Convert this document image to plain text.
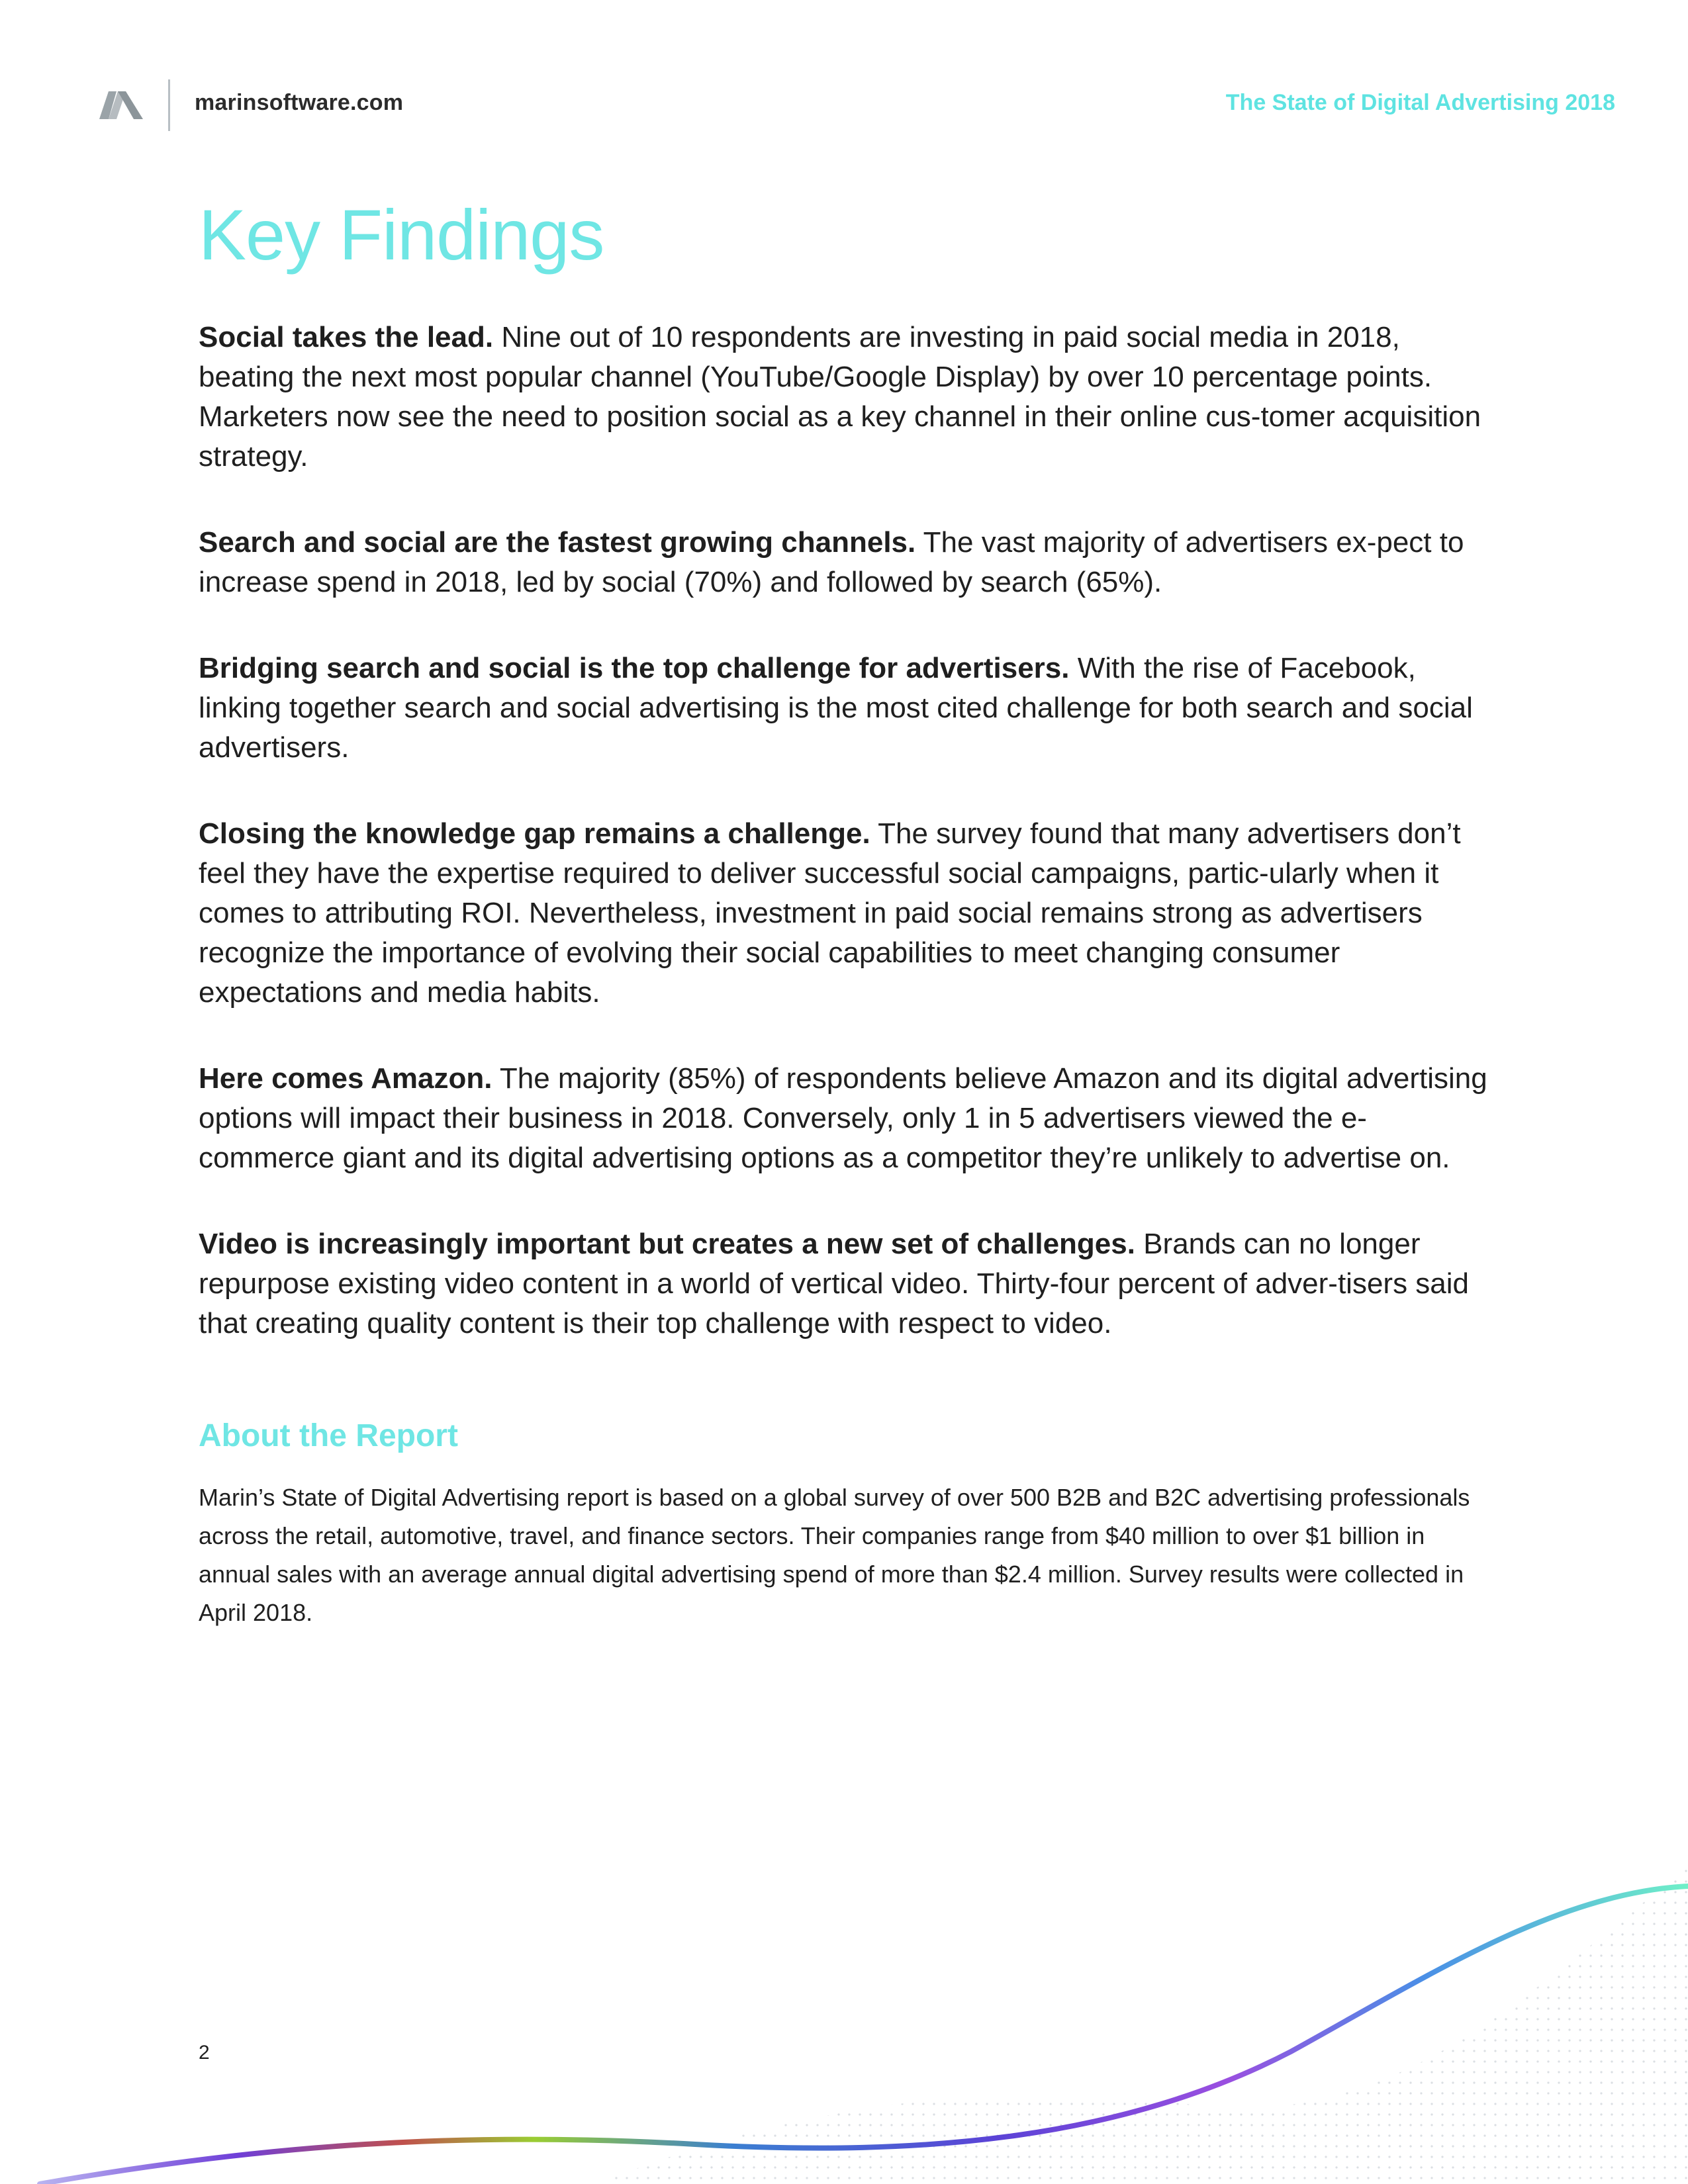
marinsoftware.com	The State of Digital Advertising 2018
Key Findings

Social takes the lead. Nine out of 10 respondents are investing in paid social media in 2018, beating the next most popular channel (YouTube/Google Display) by over 10 percentage points. Marketers now see the need to position social as a key channel in their online cus-tomer acquisition strategy.

Search and social are the fastest growing channels. The vast majority of advertisers ex-pect to increase spend in 2018, led by social (70%) and followed by search (65%).

Bridging search and social is the top challenge for advertisers. With the rise of Facebook, linking together search and social advertising is the most cited challenge for both search and social advertisers.

Closing the knowledge gap remains a challenge. The survey found that many advertisers don’t feel they have the expertise required to deliver successful social campaigns, partic-ularly when it comes to attributing ROI. Nevertheless, investment in paid social remains strong as advertisers recognize the importance of evolving their social capabilities to meet changing consumer expectations and media habits.

Here comes Amazon. The majority (85%) of respondents believe Amazon and its digital advertising options will impact their business in 2018. Conversely, only 1 in 5 advertisers viewed the e-commerce giant and its digital advertising options as a competitor they’re unlikely to advertise on.

Video is increasingly important but creates a new set of challenges. Brands can no longer repurpose existing video content in a world of vertical video. Thirty-four percent of adver-tisers said that creating quality content is their top challenge with respect to video.

About the Report

Marin’s State of Digital Advertising report is based on a global survey of over 500 B2B and B2C advertising professionals across the retail, automotive, travel, and finance sectors. Their companies range from $40 million to over $1 billion in annual sales with an average annual digital advertising spend of more than $2.4 million. Survey results were collected in April 2018.

2
